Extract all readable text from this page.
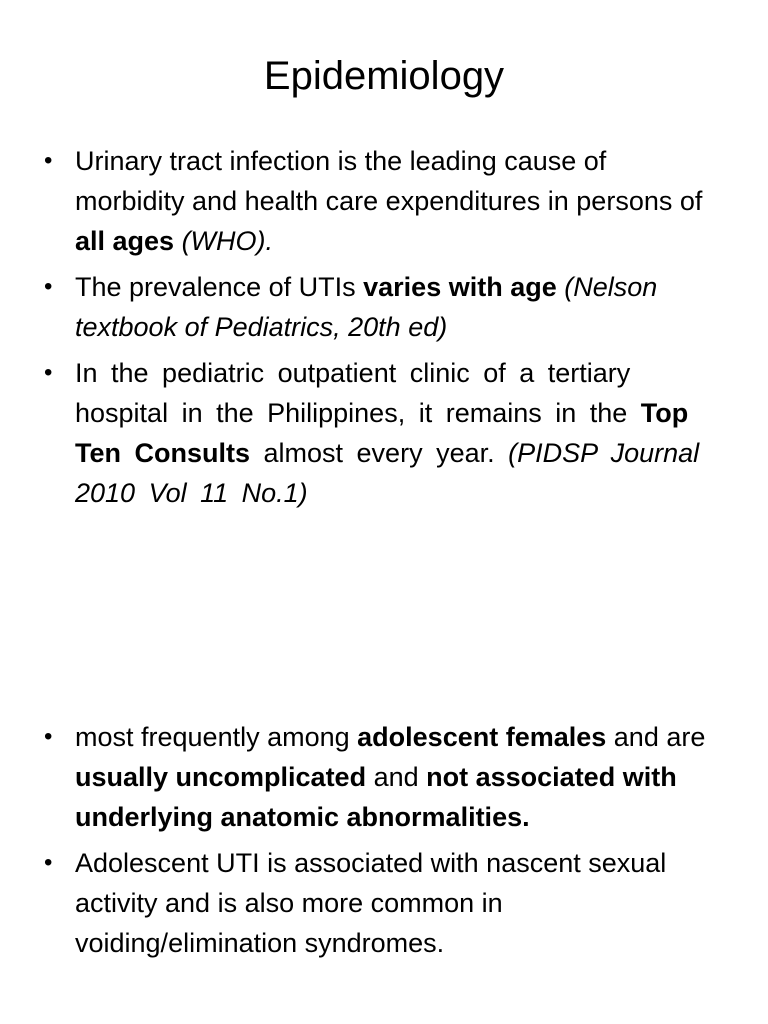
Epidemiology
• Urinary tract infection is the leading cause of morbidity and health care expenditures in persons of all ages (WHO).
• The prevalence of UTIs varies with age (Nelson textbook of Pediatrics, 20th ed)
• In the pediatric outpatient clinic of a tertiary hospital in the Philippines, it remains in the Top Ten Consults almost every year. (PIDSP Journal 2010 Vol 11 No.1)
• most frequently among adolescent females and are usually uncomplicated and not associated with underlying anatomic abnormalities.
• Adolescent UTI is associated with nascent sexual activity and is also more common in voiding/elimination syndromes.
